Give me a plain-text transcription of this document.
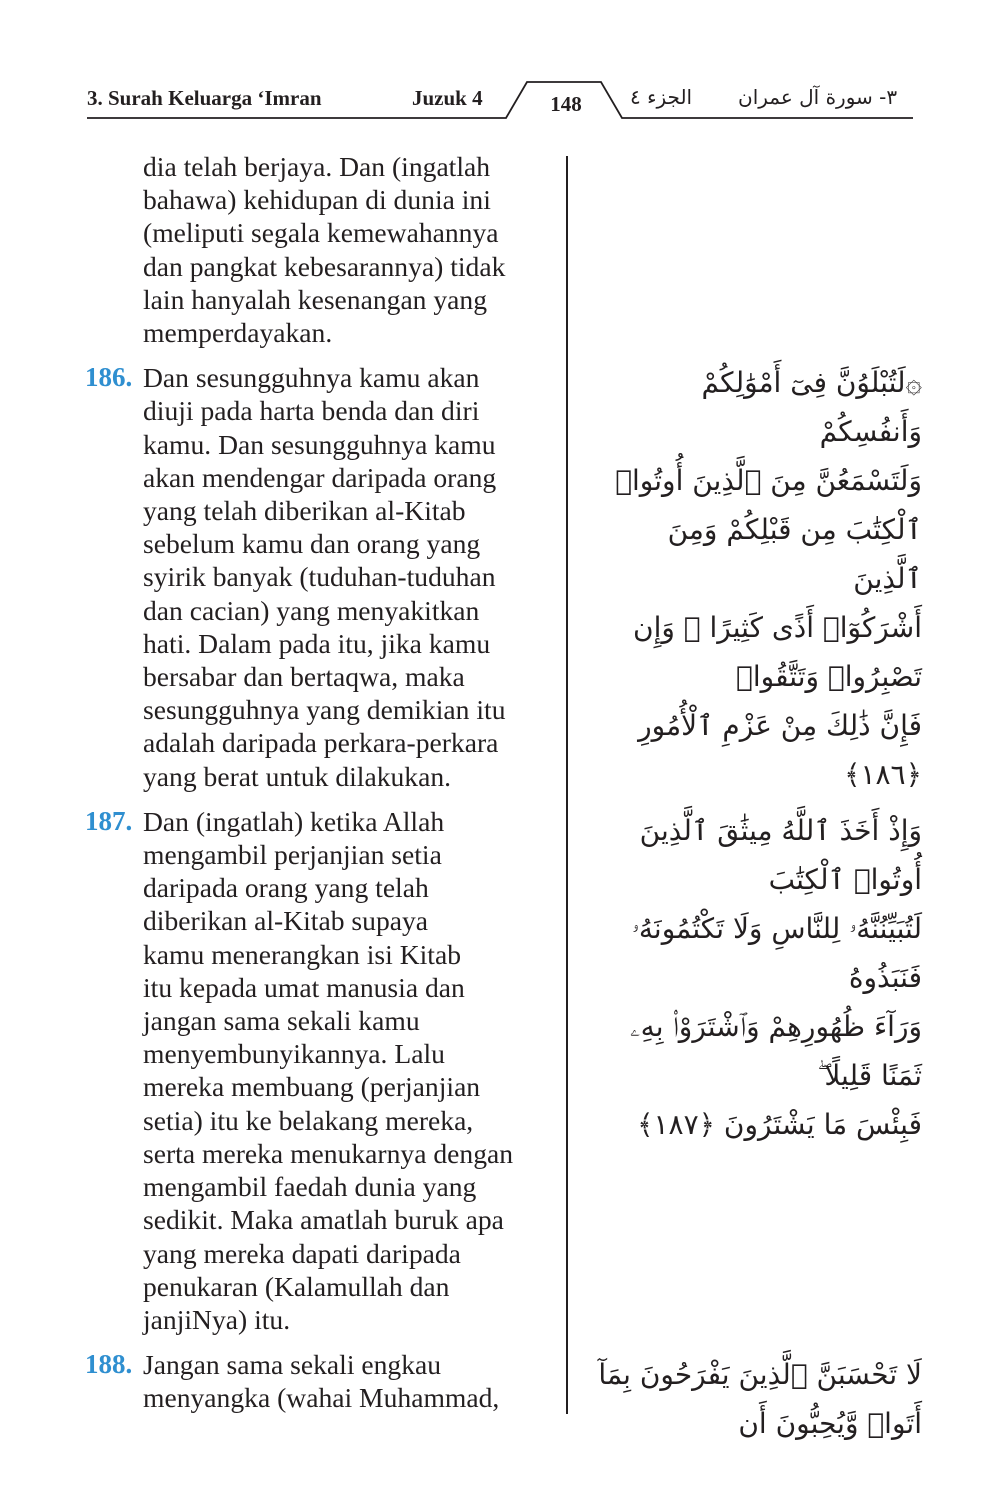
3. Surah Keluarga ‘Imran	Juzuk 4	148	الجزء ٤ ٣- سورة آل عمران
dia telah berjaya. Dan (ingatlah
bahawa) kehidupan di dunia ini
(meliputi segala kemewahannya
dan pangkat kebesarannya) tidak
lain hanyalah kesenangan yang
memperdayakan.
186. Dan sesungguhnya kamu akan
diuji pada harta benda dan diri
kamu. Dan sesungguhnya kamu
akan mendengar daripada orang
yang telah diberikan al-Kitab
sebelum kamu dan orang yang
syirik banyak (tuduhan-tuduhan
dan cacian) yang menyakitkan
hati. Dalam pada itu, jika kamu
bersabar dan bertaqwa, maka
sesungguhnya yang demikian itu
adalah daripada perkara-perkara
yang berat untuk dilakukan.
187. Dan (ingatlah) ketika Allah
mengambil perjanjian setia
daripada orang yang telah
diberikan al-Kitab supaya
kamu menerangkan isi Kitab
itu kepada umat manusia dan
jangan sama sekali kamu
menyembunyikannya. Lalu
mereka membuang (perjanjian
setia) itu ke belakang mereka,
serta mereka menukarnya dengan
mengambil faedah dunia yang
sedikit. Maka amatlah buruk apa
yang mereka dapati daripada
penukaran (Kalamullah dan
janjiNya) itu.
188. Jangan sama sekali engkau
menyangka (wahai Muhammad,
۞لَتُبْلَوُنَّ فِىٓ أَمْوَٰلِكُمْ وَأَنفُسِكُمْ
وَلَتَسْمَعُنَّ مِنَ ٱلَّذِينَ أُوتُوا۟
ٱلْكِتَٰبَ مِن قَبْلِكُمْ وَمِنَ ٱلَّذِينَ
أَشْرَكُوٓا۟ أَذًى كَثِيرًا ۚ وَإِن تَصْبِرُوا۟ وَتَتَّقُوا۟
فَإِنَّ ذَٰلِكَ مِنْ عَزْمِ ٱلْأُمُورِ ﴿١٨٦﴾
وَإِذْ أَخَذَ ٱللَّهُ مِيثَٰقَ ٱلَّذِينَ أُوتُوا۟ ٱلْكِتَٰبَ
لَتُبَيِّنُنَّهُۥ لِلنَّاسِ وَلَا تَكْتُمُونَهُۥ فَنَبَذُوهُ
وَرَآءَ ظُهُورِهِمْ وَٱشْتَرَوْا۟ بِهِۦ ثَمَنًا قَلِيلًا ۖ
فَبِئْسَ مَا يَشْتَرُونَ ﴿١٨٧﴾
لَا تَحْسَبَنَّ ٱلَّذِينَ يَفْرَحُونَ بِمَآ أَتَوا۟ وَّيُحِبُّونَ أَن
